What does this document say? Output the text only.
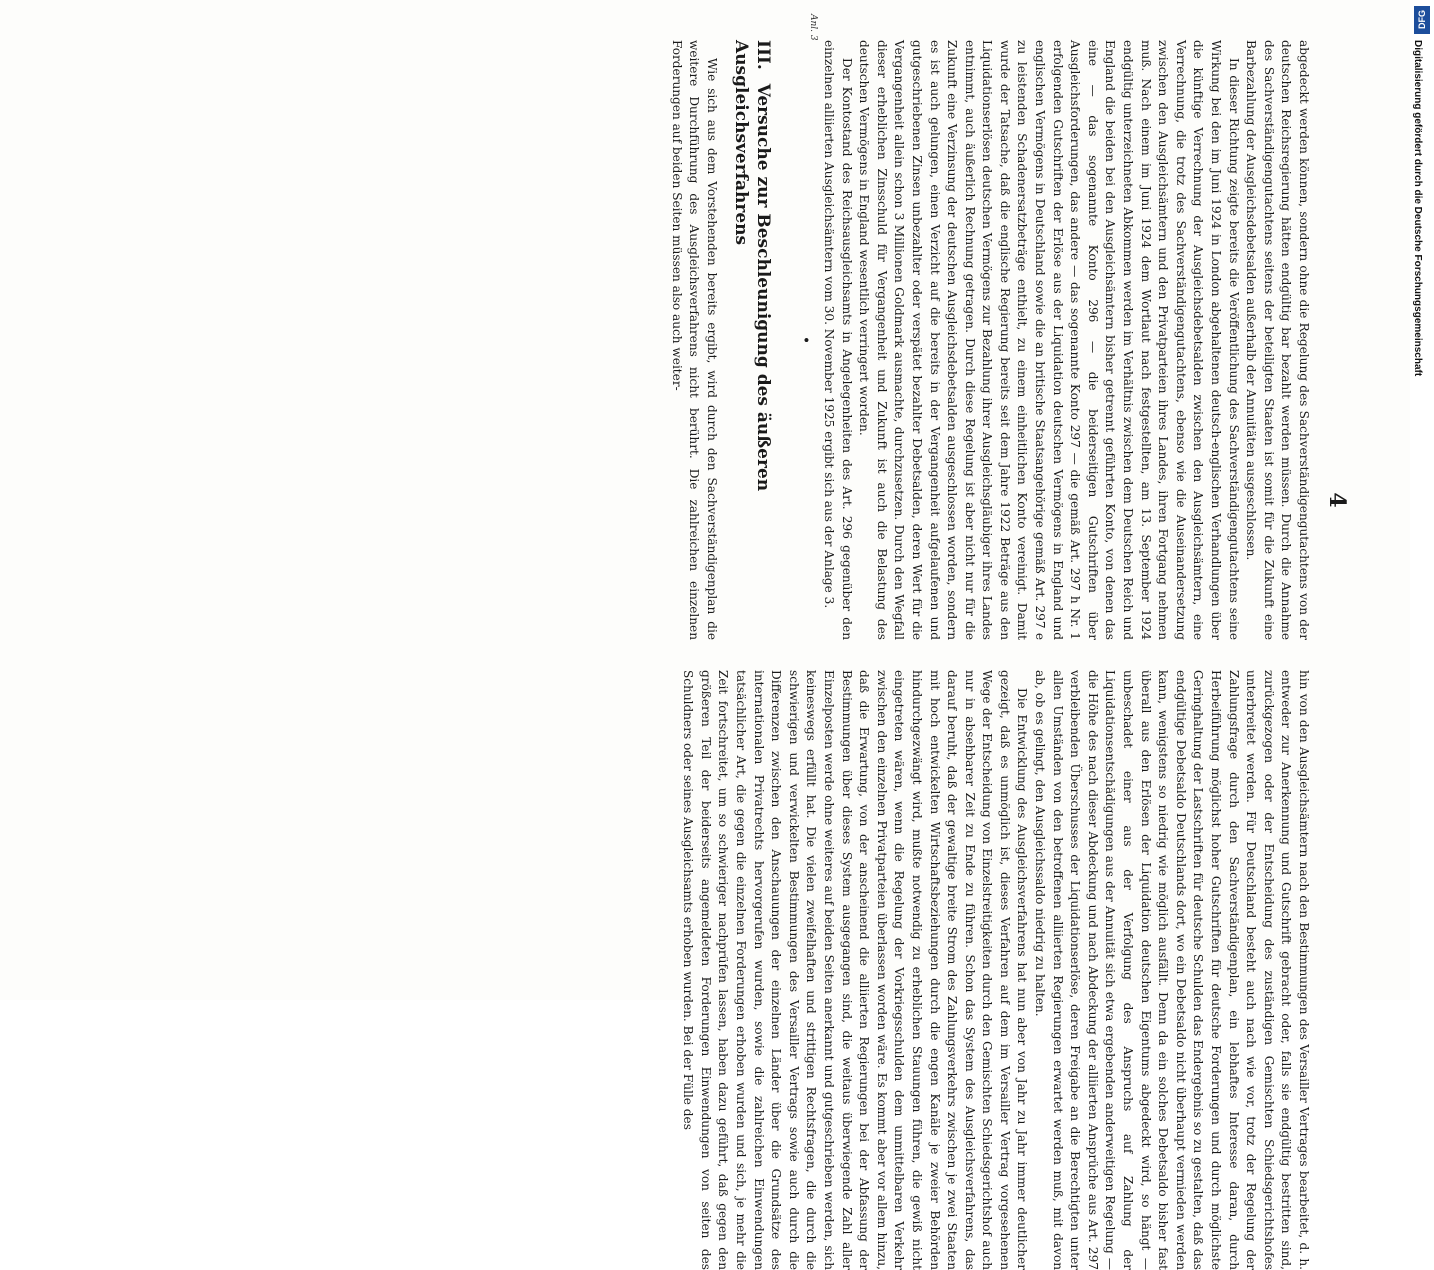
4

abgedeckt werden können, sondern ohne die Regelung des Sachverständigengutachtens von der deutschen Reichsregierung hätten endgültig bar bezahlt werden müssen. Durch die Annahme des Sachverständigengutachtens seitens der beteiligten Staaten ist somit für die Zukunft eine Barbezahlung der Ausgleichsdebetsalden außerhalb der Annuitäten ausgeschlossen.

In dieser Richtung zeigte bereits die Veröffentlichung des Sachverständigengutachtens seine Wirkung bei den im Juni 1924 in London abgehaltenen deutsch-englischen Verhandlungen über die künftige Verrechnung der Ausgleichsdebetsalden zwischen den Ausgleichsämtern, eine Verrechnung, die trotz des Sachverständigengutachtens, ebenso wie die Auseinandersetzung zwischen den Ausgleichsämtern und den Privatparteien ihres Landes, ihren Fortgang nehmen muß. Nach einem im Juni 1924 dem Wortlaut nach festgestellten, am 13. September 1924 endgültig unterzeichneten Abkommen werden im Verhältnis zwischen dem Deutschen Reich und England die beiden bei den Ausgleichsämtern bisher getrennt geführten Konto, von denen das eine — das sogenannte Konto 296 — die beiderseitigen Gutschriften über Ausgleichsforderungen, das andere — das sogenannte Konto 297 — die gemäß Art. 297 h Nr. 1 erfolgenden Gutschriften der Erlöse aus der Liquidation deutschen Vermögens in England und englischen Vermögens in Deutschland sowie die an britische Staatsangehörige gemäß Art. 297 e zu leistenden Schadenersatzbeträge enthielt, zu einem einheitlichen Konto vereinigt. Damit wurde der Tatsache, daß die englische Regierung bereits seit dem Jahre 1922 Beträge aus den Liquidationserlösen deutschen Vermögens zur Bezahlung ihrer Ausgleichsgläubiger ihres Landes entnimmt, auch äußerlich Rechnung getragen. Durch diese Regelung ist aber nicht nur für die Zukunft eine Verzinsung der deutschen Ausgleichsdebetsalden ausgeschlossen worden, sondern es ist auch gelungen, einen Verzicht auf die bereits in der Vergangenheit aufgelaufenen und gutgeschriebenen Zinsen unbezahlter oder verspätet bezahlter Debetsalden, deren Wert für die Vergangenheit allein schon 3 Millionen Goldmark ausmachte, durchzusetzen. Durch den Wegfall dieser erheblichen Zinsschuld für Vergangenheit und Zukunft ist auch die Belastung des deutschen Vermögens in England wesentlich verringert worden.

Anl. 3
Der Kontostand des Reichsausgleichsamts in Angelegenheiten des Art. 296 gegenüber den einzelnen alliierten Ausgleichsämtern vom 30. November 1925 ergibt sich aus der Anlage 3.

•
III. Versuche zur Beschleunigung des äußeren Ausgleichsverfahrens

Wie sich aus dem Vorstehenden bereits ergibt, wird durch den Sachverständigenplan die weitere Durchführung des Ausgleichsverfahrens nicht berührt. Die zahlreichen einzelnen Forderungen auf beiden Seiten müssen also auch weiter-

hin von den Ausgleichsämtern nach den Bestimmungen des Versailler Vertrages bearbeitet, d. h. entweder zur Anerkennung und Gutschrift gebracht oder, falls sie endgültig bestritten sind, zurückgezogen oder der Entscheidung des zuständigen Gemischten Schiedsgerichtshofes unterbreitet werden. Für Deutschland besteht auch nach wie vor, trotz der Regelung der Zahlungsfrage durch den Sachverständigenplan, ein lebhaftes Interesse daran, durch Herbeiführung möglichst hoher Gutschriften für deutsche Forderungen und durch möglichste Geringhaltung der Lastschriften für deutsche Schulden das Endergebnis so zu gestalten, daß das endgültige Debetsaldo Deutschlands dort, wo ein Debetsaldo nicht überhaupt vermieden werden kann, wenigstens so niedrig wie möglich ausfällt. Denn da ein solches Debetsaldo bisher fast überall aus den Erlösen der Liquidation deutschen Eigentums abgedeckt wird, so hängt — unbeschadet einer aus der Verfolgung des Anspruchs auf Zahlung der Liquidationsentschädigungen aus der Annuität sich etwa ergebenden anderweitigen Regelung — die Höhe des nach dieser Abdeckung und nach Abdeckung der alliierten Ansprüche aus Art. 297 verbleibenden Überschusses der Liquidationserlöse, deren Freigabe an die Berechtigten unter allen Umständen von den betroffenen alliierten Regierungen erwartet werden muß, mit davon ab, ob es gelingt, den Ausgleichssaldo niedrig zu halten.

Die Entwicklung des Ausgleichsverfahrens hat nun aber von Jahr zu Jahr immer deutlicher gezeigt, daß es unmöglich ist, dieses Verfahren auf dem im Versailler Vertrag vorgesehenen Wege der Entscheidung von Einzelstreitigkeiten durch den Gemischten Schiedsgerichtshof auch nur in absehbarer Zeit zu Ende zu führen. Schon das System des Ausgleichsverfahrens, das darauf beruht, daß der gewaltige breite Strom des Zahlungsverkehrs zwischen je zwei Staaten mit hoch entwickelten Wirtschaftsbeziehungen durch die engen Kanäle je zweier Behörden hindurchgezwängt wird, mußte notwendig zu erheblichen Stauungen führen, die gewiß nicht eingetreten wären, wenn die Regelung der Vorkriegsschulden dem unmittelbaren Verkehr zwischen den einzelnen Privatparteien überlassen worden wäre. Es kommt aber vor allem hinzu, daß die Erwartung, von der anscheinend die alliierten Regierungen bei der Abfassung der Bestimmungen über dieses System ausgegangen sind, die weitaus überwiegende Zahl aller Einzelposten werde ohne weiteres auf beiden Seiten anerkannt und gutgeschrieben werden, sich keineswegs erfüllt hat. Die vielen zweifelhaften und strittigen Rechtsfragen, die durch die schwierigen und verwickelten Bestimmungen des Versailler Vertrags sowie auch durch die Differenzen zwischen den Anschauungen der einzelnen Länder über die Grundsätze des internationalen Privatrechts hervorgerufen wurden, sowie die zahlreichen Einwendungen tatsächlicher Art, die gegen die einzelnen Forderungen erhoben wurden und sich, je mehr die Zeit fortschreitet, um so schwieriger nachprüfen lassen, haben dazu geführt, daß gegen den größeren Teil der beiderseits angemeldeten Forderungen Einwendungen von seiten des Schuldners oder seines Ausgleichsamts erhoben wurden. Bei der Fülle des

Digitalisierung gefördert durch die Deutsche Forschungsgemeinschaft
DFG
